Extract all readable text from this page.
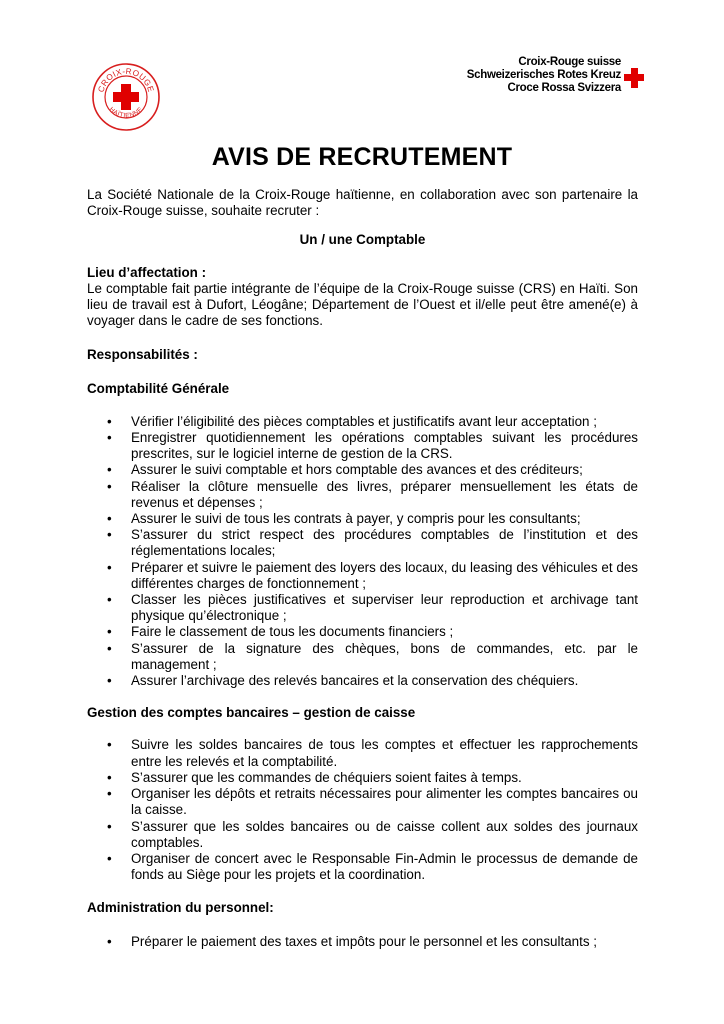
CROIX-ROUGE
HAÏTIENNE
Croix-Rouge suisse
Schweizerisches Rotes Kreuz
Croce Rossa Svizzera
AVIS DE RECRUTEMENT

La Société Nationale de la Croix-Rouge haïtienne, en collaboration avec son partenaire la Croix-Rouge suisse, souhaite recruter :

Un / une Comptable

Lieu d’affectation :

Le comptable fait partie intégrante de l’équipe de la Croix-Rouge suisse (CRS) en Haïti. Son lieu de travail est à Dufort, Léogâne; Département de l’Ouest et il/elle peut être amené(e) à voyager dans le cadre de ses fonctions.

Responsabilités :

Comptabilité Générale

• Vérifier l’éligibilité des pièces comptables et justificatifs avant leur acceptation ;
• Enregistrer quotidiennement les opérations comptables suivant les procédures prescrites, sur le logiciel interne de gestion de la CRS.
• Assurer le suivi comptable et hors comptable des avances et des créditeurs;
• Réaliser la clôture mensuelle des livres, préparer mensuellement les états de revenus et dépenses ;
• Assurer le suivi de tous les contrats à payer, y compris pour les consultants;
• S’assurer du strict respect des procédures comptables de l’institution et des réglementations locales;
• Préparer et suivre le paiement des loyers des locaux, du leasing des véhicules et des différentes charges de fonctionnement ;
• Classer les pièces justificatives et superviser leur reproduction et archivage tant physique qu’électronique ;
• Faire le classement de tous les documents financiers ;
• S’assurer de la signature des chèques, bons de commandes, etc. par le management ;
• Assurer l’archivage des relevés bancaires et la conservation des chéquiers.

Gestion des comptes bancaires – gestion de caisse

• Suivre les soldes bancaires de tous les comptes et effectuer les rapprochements entre les relevés et la comptabilité.
• S’assurer que les commandes de chéquiers soient faites à temps.
• Organiser les dépôts et retraits nécessaires pour alimenter les comptes bancaires ou la caisse.
• S’assurer que les soldes bancaires ou de caisse collent aux soldes des journaux comptables.
• Organiser de concert avec le Responsable Fin-Admin le processus de demande de fonds au Siège pour les projets et la coordination.

Administration du personnel:

• Préparer le paiement des taxes et impôts pour le personnel et les consultants ;
